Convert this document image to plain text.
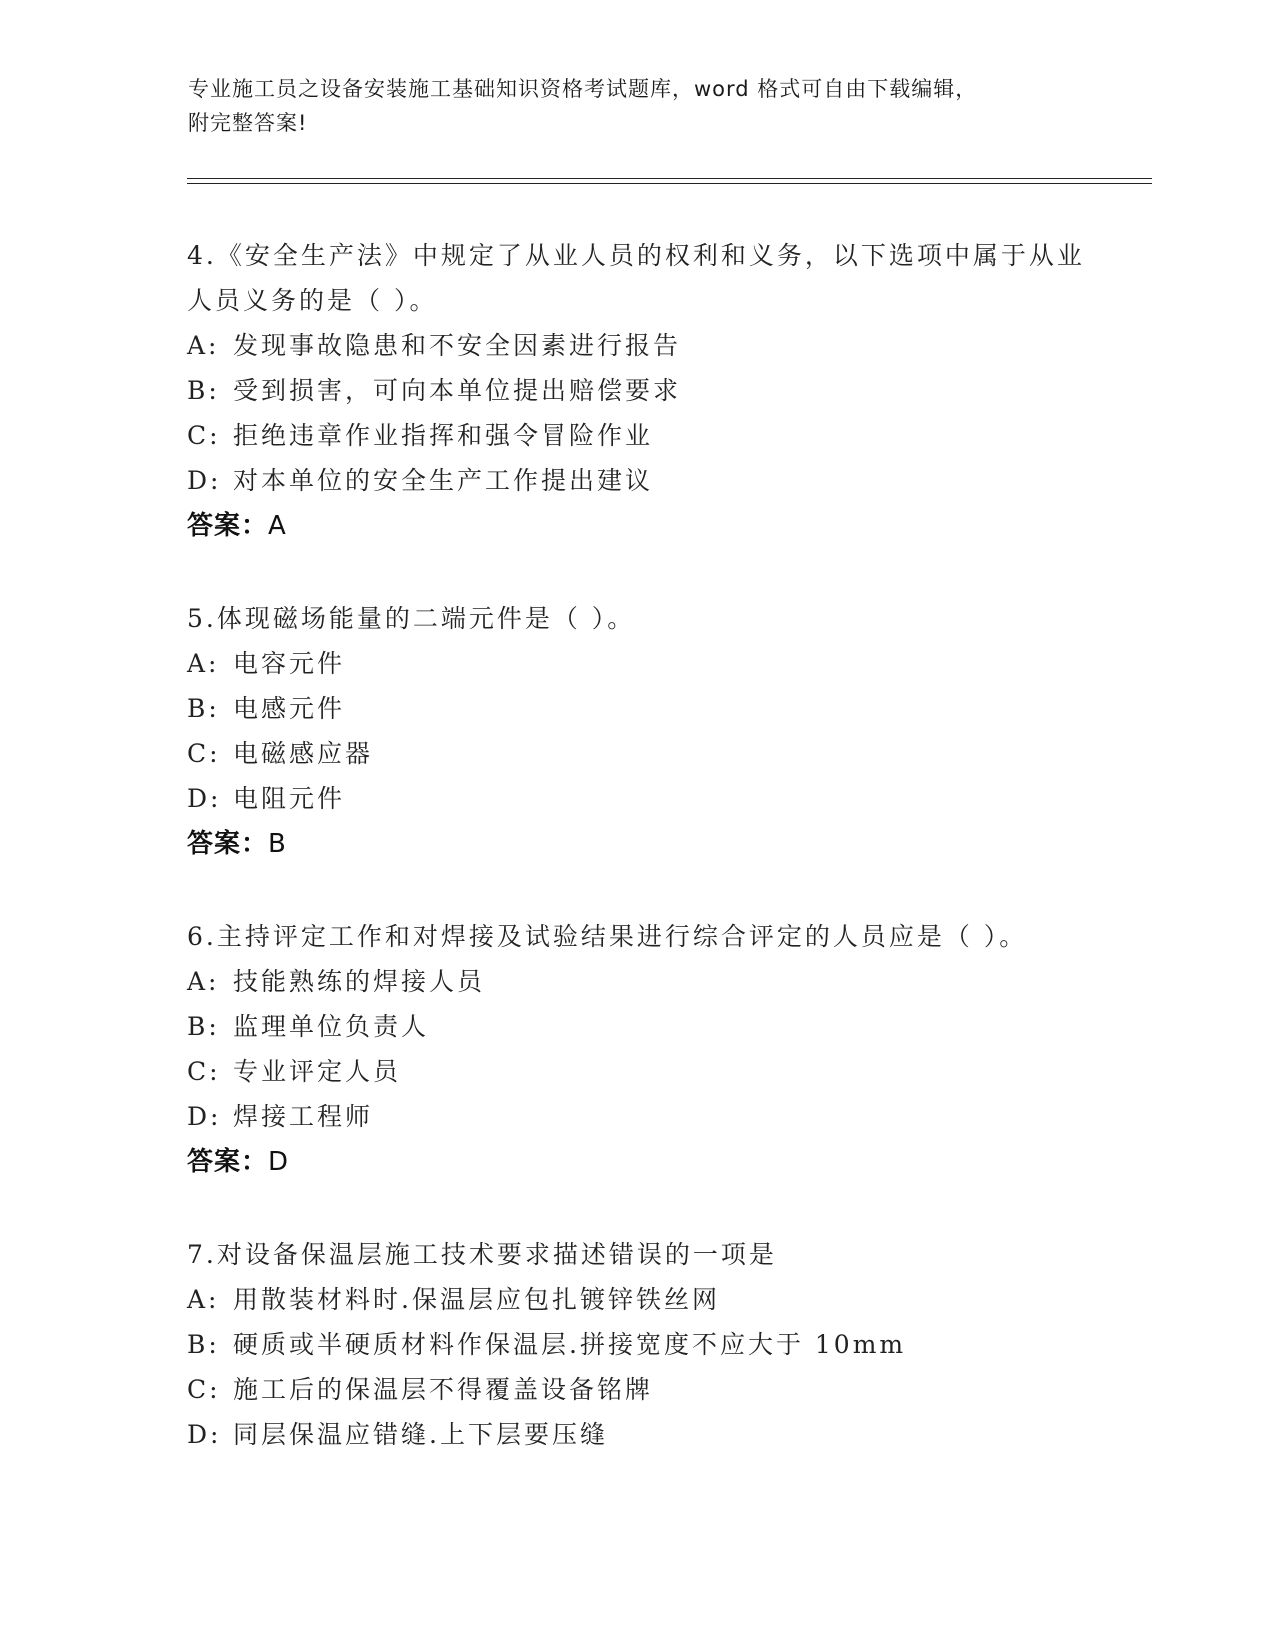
专业施工员之设备安装施工基础知识资格考试题库，word 格式可自由下载编辑，
附完整答案!

4.《安全生产法》中规定了从业人员的权利和义务，以下选项中属于从业人员义务的是（ ）。

A: 发现事故隐患和不安全因素进行报告
B: 受到损害，可向本单位提出赔偿要求
C: 拒绝违章作业指挥和强令冒险作业
D: 对本单位的安全生产工作提出建议

答案：A

5.体现磁场能量的二端元件是（ ）。

A: 电容元件
B: 电感元件
C: 电磁感应器
D: 电阻元件

答案：B

6.主持评定工作和对焊接及试验结果进行综合评定的人员应是（ ）。

A: 技能熟练的焊接人员
B: 监理单位负责人
C: 专业评定人员
D: 焊接工程师

答案：D

7.对设备保温层施工技术要求描述错误的一项是

A: 用散装材料时.保温层应包扎镀锌铁丝网
B: 硬质或半硬质材料作保温层.拼接宽度不应大于 10mm
C: 施工后的保温层不得覆盖设备铭牌
D: 同层保温应错缝.上下层要压缝
